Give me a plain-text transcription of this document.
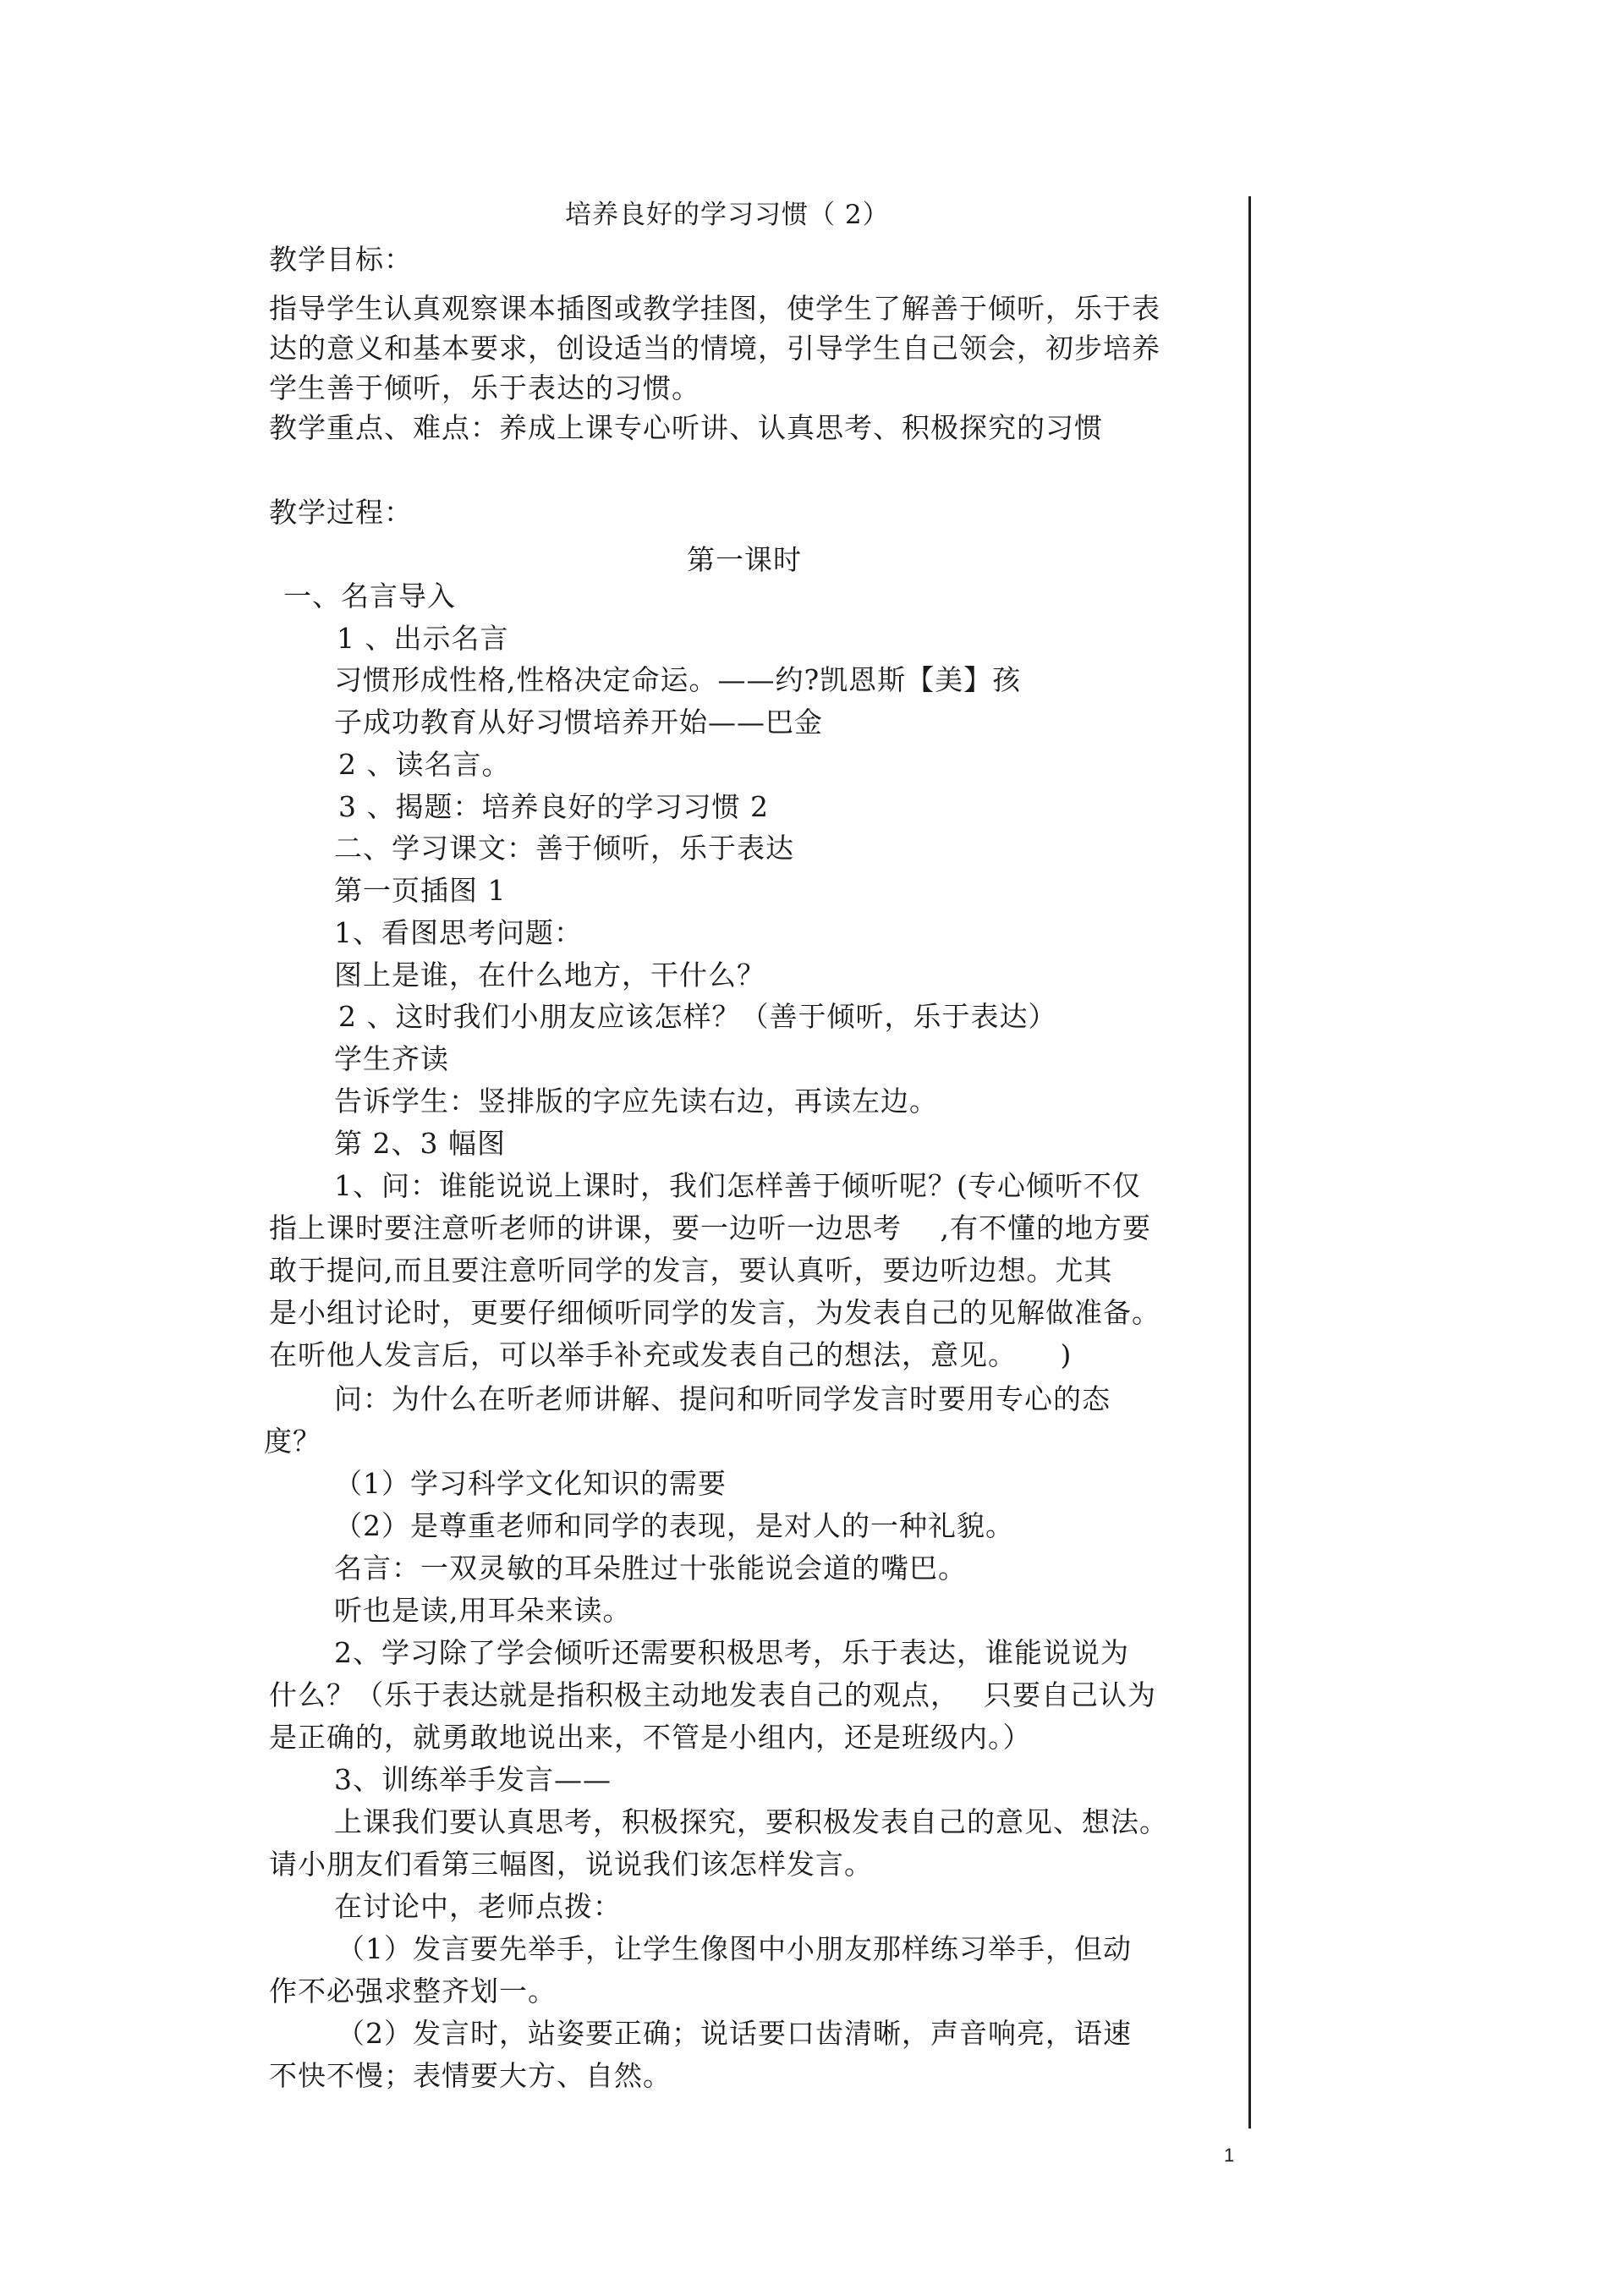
培养良好的学习习惯（ 2）
教学目标：
指导学生认真观察课本插图或教学挂图，使学生了解善于倾听，乐于表
达的意义和基本要求，创设适当的情境，引导学生自己领会，初步培养
学生善于倾听，乐于表达的习惯。
教学重点、难点：养成上课专心听讲、认真思考、积极探究的习惯
教学过程：
第一课时
一、名言导入
1 、出示名言
习惯形成性格,性格决定命运。——约?凯恩斯【美】孩
子成功教育从好习惯培养开始——巴金
2 、读名言。
3 、揭题：培养良好的学习习惯 2
二、学习课文：善于倾听，乐于表达
第一页插图 1
1、看图思考问题：
图上是谁，在什么地方，干什么？
2 、这时我们小朋友应该怎样？（善于倾听，乐于表达）
学生齐读
告诉学生：竖排版的字应先读右边，再读左边。
第 2、3 幅图
1、问：谁能说说上课时，我们怎样善于倾听呢？(专心倾听不仅
指上课时要注意听老师的讲课，要一边听一边思考　 ,有不懂的地方要
敢于提问,而且要注意听同学的发言，要认真听，要边听边想。尤其
是小组讨论时，更要仔细倾听同学的发言，为发表自己的见解做准备。
在听他人发言后，可以举手补充或发表自己的想法，意见。　　)
问：为什么在听老师讲解、提问和听同学发言时要用专心的态
度？
（1）学习科学文化知识的需要
（2）是尊重老师和同学的表现，是对人的一种礼貌。
名言：一双灵敏的耳朵胜过十张能说会道的嘴巴。
听也是读,用耳朵来读。
2、学习除了学会倾听还需要积极思考，乐于表达，谁能说说为
什么？（乐于表达就是指积极主动地发表自己的观点，　 只要自己认为
是正确的，就勇敢地说出来，不管是小组内，还是班级内。）
3、训练举手发言——
上课我们要认真思考，积极探究，要积极发表自己的意见、想法。
请小朋友们看第三幅图，说说我们该怎样发言。
在讨论中，老师点拨：
（1）发言要先举手，让学生像图中小朋友那样练习举手，但动
作不必强求整齐划一。
（2）发言时，站姿要正确；说话要口齿清晰，声音响亮，语速
不快不慢；表情要大方、自然。
1
